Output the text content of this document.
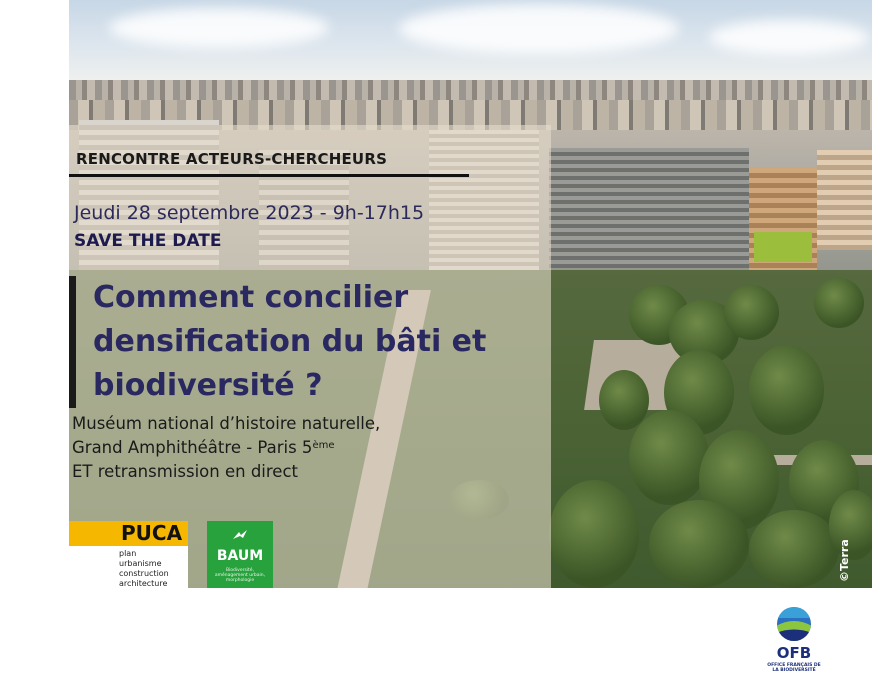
RENCONTRE ACTEURS-CHERCHEURS

Jeudi 28 septembre 2023 - 9h-17h15

SAVE THE DATE

Comment concilier
densification du bâti et
biodiversité ?

Muséum national d’histoire naturelle,
Grand Amphithéâtre - Paris 5ème
ET retransmission en direct

PUCA
plan
urbanisme
construction
architecture
BAUM
Biodiversité, aménagement urbain, morphologie	©Terra
OFB
OFFICE FRANÇAIS DE LA BIODIVERSITÉ
